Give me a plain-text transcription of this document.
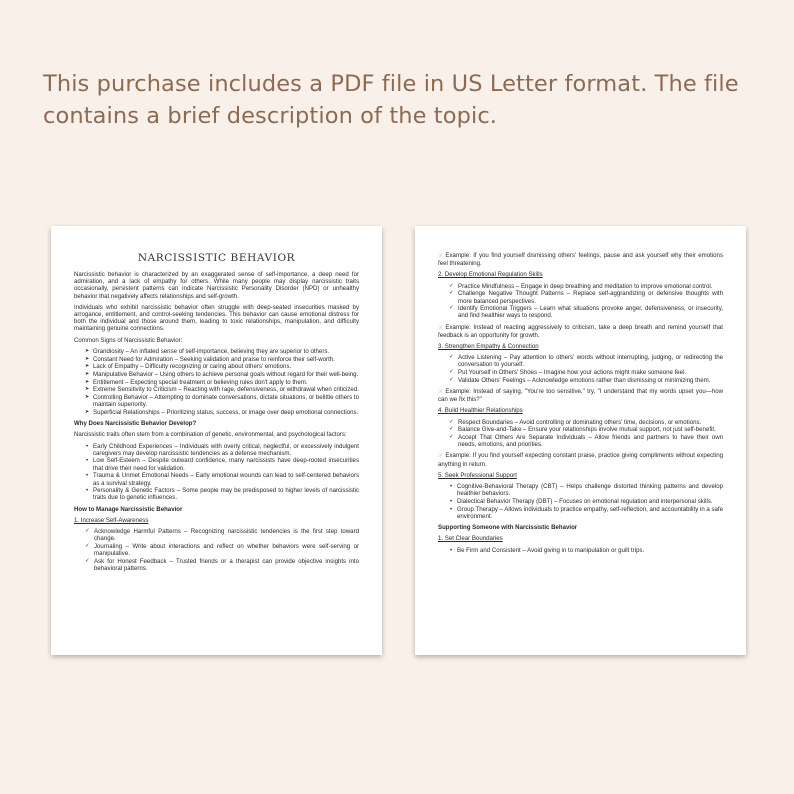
This purchase includes a PDF file in US Letter format. The file contains a brief description of the topic.
NARCISSISTIC BEHAVIOR
Narcissistic behavior is characterized by an exaggerated sense of self-importance, a deep need for admiration, and a lack of empathy for others. While many people may display narcissistic traits occasionally, persistent patterns can indicate Narcissistic Personality Disorder (NPD) or unhealthy behavior that negatively affects relationships and self-growth.
Individuals who exhibit narcissistic behavior often struggle with deep-seated insecurities masked by arrogance, entitlement, and control-seeking tendencies. This behavior can cause emotional distress for both the individual and those around them, leading to toxic relationships, manipulation, and difficulty maintaining genuine connections.
Common Signs of Narcissistic Behavior:
➤ Grandiosity – An inflated sense of self-importance, believing they are superior to others.
➤ Constant Need for Admiration – Seeking validation and praise to reinforce their self-worth.
➤ Lack of Empathy – Difficulty recognizing or caring about others' emotions.
➤ Manipulative Behavior – Using others to achieve personal goals without regard for their well-being.
➤ Entitlement – Expecting special treatment or believing rules don't apply to them.
➤ Extreme Sensitivity to Criticism – Reacting with rage, defensiveness, or withdrawal when criticized.
➤ Controlling Behavior – Attempting to dominate conversations, dictate situations, or belittle others to maintain superiority.
➤ Superficial Relationships – Prioritizing status, success, or image over deep emotional connections.
Why Does Narcissistic Behavior Develop?
Narcissistic traits often stem from a combination of genetic, environmental, and psychological factors:
• Early Childhood Experiences – Individuals with overly critical, neglectful, or excessively indulgent caregivers may develop narcissistic tendencies as a defense mechanism.
• Low Self-Esteem – Despite outward confidence, many narcissists have deep-rooted insecurities that drive their need for validation.
• Trauma & Unmet Emotional Needs – Early emotional wounds can lead to self-centered behaviors as a survival strategy.
• Personality & Genetic Factors – Some people may be predisposed to higher levels of narcissistic traits due to genetic influences.
How to Manage Narcissistic Behavior
1. Increase Self-Awareness
✓ Acknowledge Harmful Patterns – Recognizing narcissistic tendencies is the first step toward change.
✓ Journaling – Write about interactions and reflect on whether behaviors were self-serving or manipulative.
✓ Ask for Honest Feedback – Trusted friends or a therapist can provide objective insights into behavioral patterns.
☞ Example: If you find yourself dismissing others' feelings, pause and ask yourself why their emotions feel threatening.
2. Develop Emotional Regulation Skills
✓ Practice Mindfulness – Engage in deep breathing and meditation to improve emotional control.
✓ Challenge Negative Thought Patterns – Replace self-aggrandizing or defensive thoughts with more balanced perspectives.
✓ Identify Emotional Triggers – Learn what situations provoke anger, defensiveness, or insecurity, and find healthier ways to respond.
☞ Example: Instead of reacting aggressively to criticism, take a deep breath and remind yourself that feedback is an opportunity for growth.
3. Strengthen Empathy & Connection
✓ Active Listening – Pay attention to others' words without interrupting, judging, or redirecting the conversation to yourself.
✓ Put Yourself in Others' Shoes – Imagine how your actions might make someone feel.
✓ Validate Others' Feelings – Acknowledge emotions rather than dismissing or minimizing them.
☞ Example: Instead of saying, "You're too sensitive," try, "I understand that my words upset you—how can we fix this?"
4. Build Healthier Relationships
✓ Respect Boundaries – Avoid controlling or dominating others' time, decisions, or emotions.
✓ Balance Give-and-Take – Ensure your relationships involve mutual support, not just self-benefit.
✓ Accept That Others Are Separate Individuals – Allow friends and partners to have their own needs, emotions, and priorities.
☞ Example: If you find yourself expecting constant praise, practice giving compliments without expecting anything in return.
5. Seek Professional Support
• Cognitive-Behavioral Therapy (CBT) – Helps challenge distorted thinking patterns and develop healthier behaviors.
• Dialectical Behavior Therapy (DBT) – Focuses on emotional regulation and interpersonal skills.
• Group Therapy – Allows individuals to practice empathy, self-reflection, and accountability in a safe environment.
Supporting Someone with Narcissistic Behavior
1. Set Clear Boundaries
• Be Firm and Consistent – Avoid giving in to manipulation or guilt trips.
